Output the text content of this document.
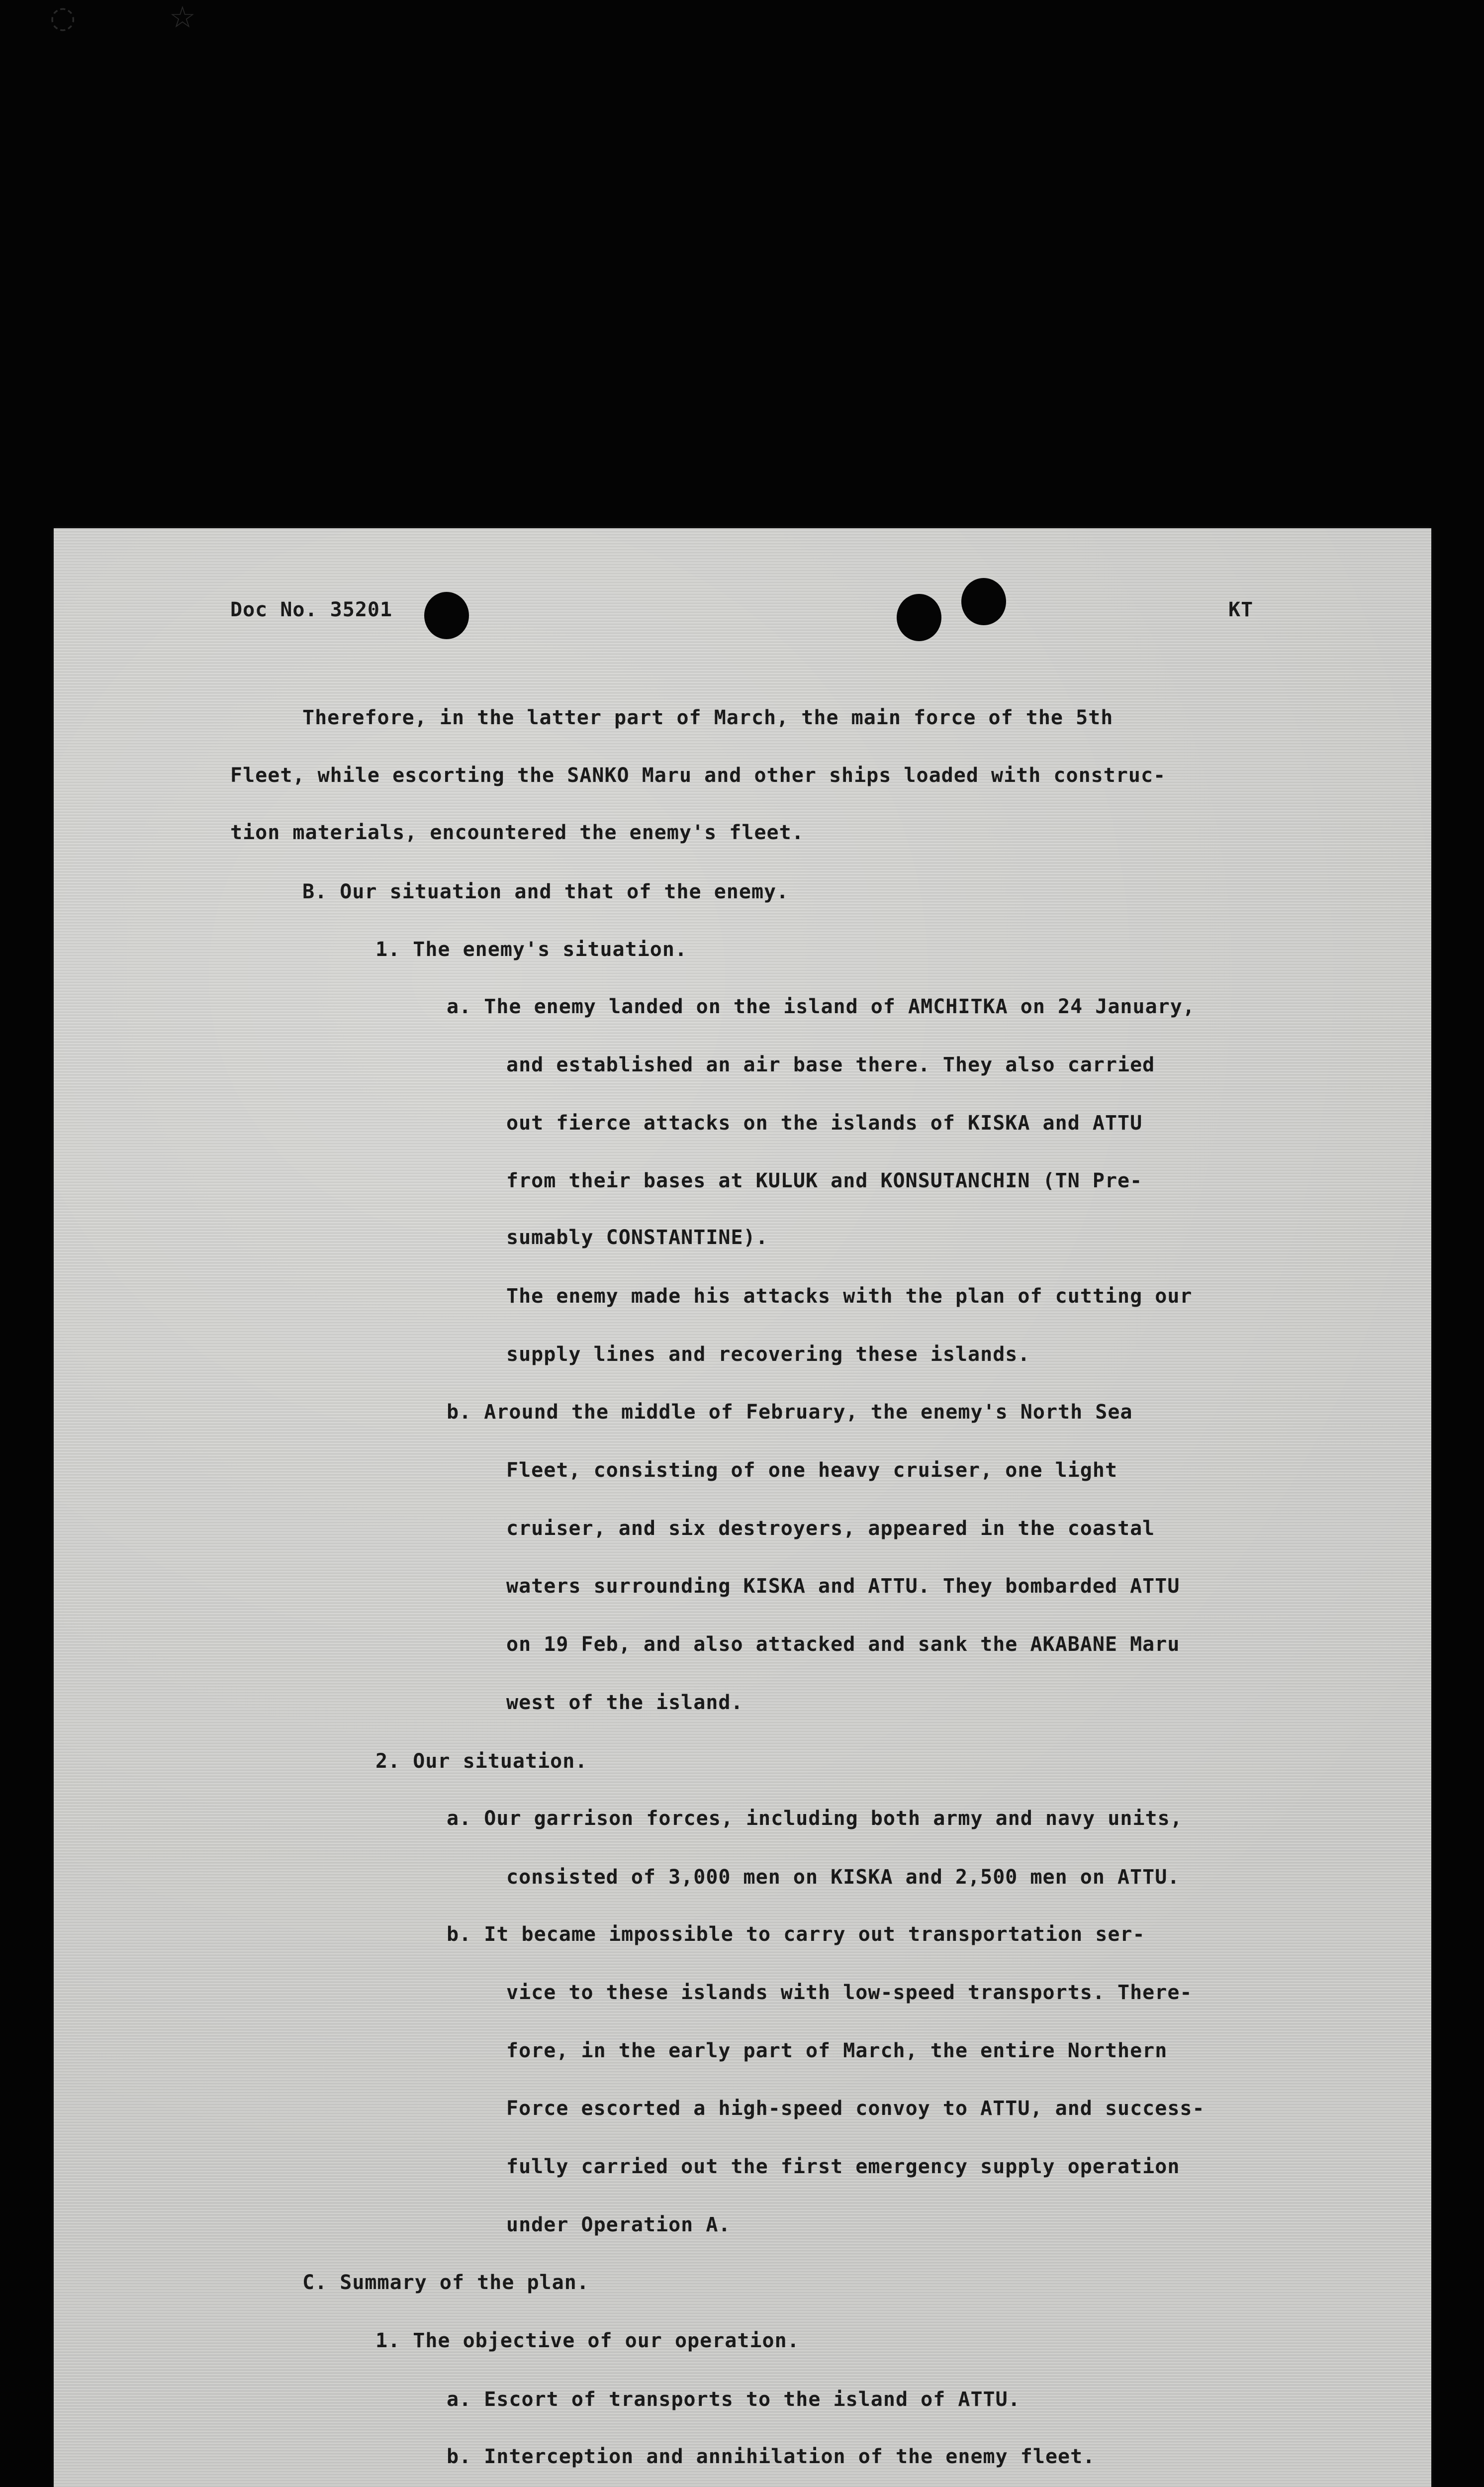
◌	☆
Doc No. 35201	KT
Therefore, in the latter part of March, the main force of the 5th
Fleet, while escorting the SANKO Maru and other ships loaded with construc-
tion materials, encountered the enemy's fleet.
B. Our situation and that of the enemy.
1. The enemy's situation.
a. The enemy landed on the island of AMCHITKA on 24 January,
and established an air base there. They also carried
out fierce attacks on the islands of KISKA and ATTU
from their bases at KULUK and KONSUTANCHIN (TN Pre-
sumably CONSTANTINE).
The enemy made his attacks with the plan of cutting our
supply lines and recovering these islands.
b. Around the middle of February, the enemy's North Sea
Fleet, consisting of one heavy cruiser, one light
cruiser, and six destroyers, appeared in the coastal
waters surrounding KISKA and ATTU. They bombarded ATTU
on 19 Feb, and also attacked and sank the AKABANE Maru
west of the island.
2. Our situation.
a. Our garrison forces, including both army and navy units,
consisted of 3,000 men on KISKA and 2,500 men on ATTU.
b. It became impossible to carry out transportation ser-
vice to these islands with low-speed transports. There-
fore, in the early part of March, the entire Northern
Force escorted a high-speed convoy to ATTU, and success-
fully carried out the first emergency supply operation
under Operation A.
C. Summary of the plan.
1. The objective of our operation.
a. Escort of transports to the island of ATTU.
b. Interception and annihilation of the enemy fleet.
